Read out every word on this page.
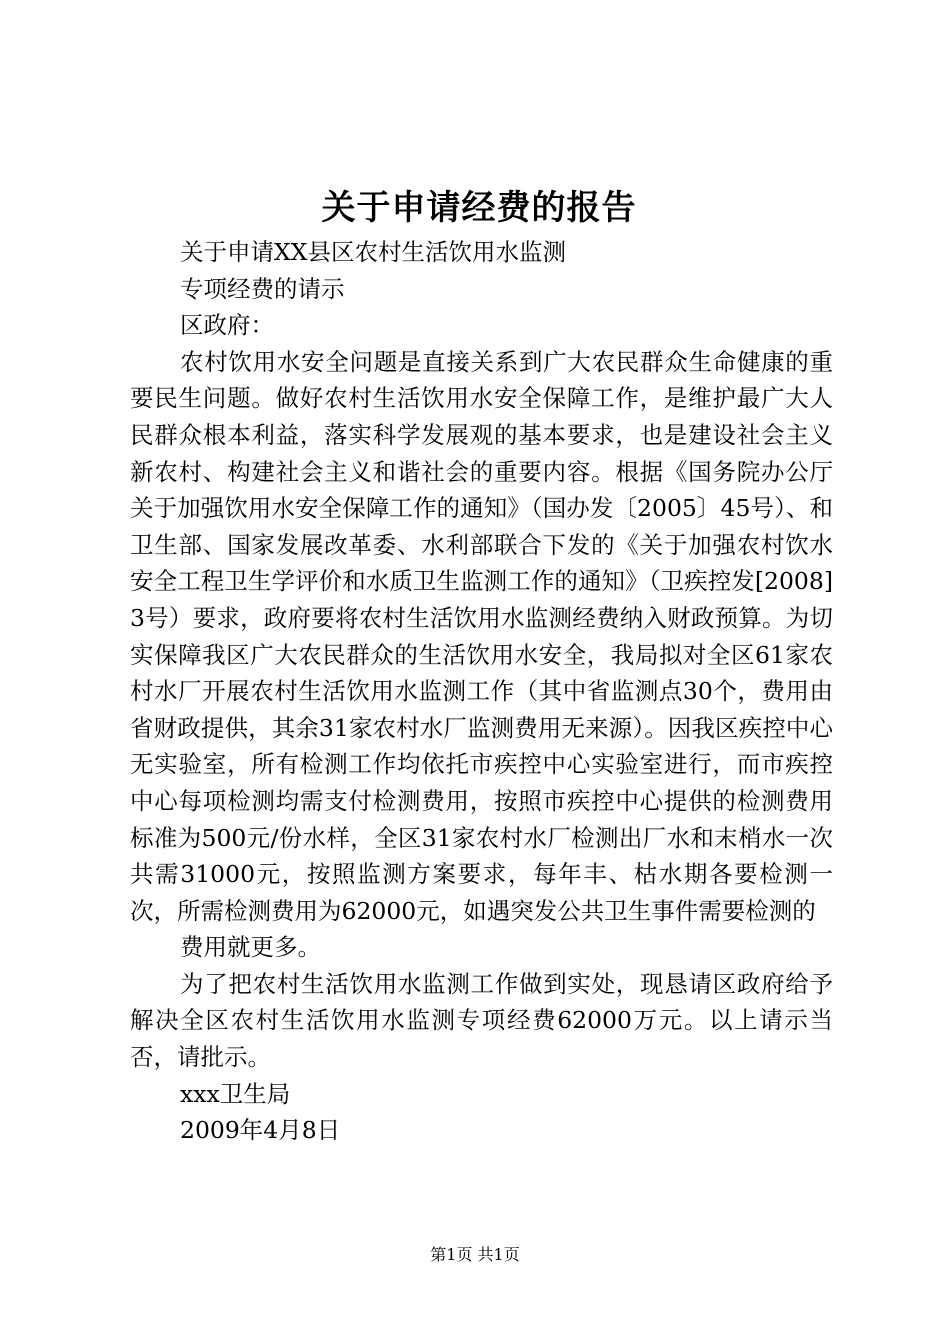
关于申请经费的报告

关于申请XX县区农村生活饮用水监测

专项经费的请示

区政府：

农村饮用水安全问题是直接关系到广大农民群众生命健康的重要民生问题。做好农村生活饮用水安全保障工作，是维护最广大人民群众根本利益，落实科学发展观的基本要求，也是建设社会主义新农村、构建社会主义和谐社会的重要内容。根据《国务院办公厅关于加强饮用水安全保障工作的通知》（国办发〔2005〕45号）、和卫生部、国家发展改革委、水利部联合下发的《关于加强农村饮水安全工程卫生学评价和水质卫生监测工作的通知》（卫疾控发[2008]3号）要求，政府要将农村生活饮用水监测经费纳入财政预算。为切实保障我区广大农民群众的生活饮用水安全，我局拟对全区61家农村水厂开展农村生活饮用水监测工作（其中省监测点30个，费用由省财政提供，其余31家农村水厂监测费用无来源）。因我区疾控中心无实验室，所有检测工作均依托市疾控中心实验室进行，而市疾控中心每项检测均需支付检测费用，按照市疾控中心提供的检测费用标准为500元/份水样，全区31家农村水厂检测出厂水和末梢水一次共需31000元，按照监测方案要求，每年丰、枯水期各要检测一次，所需检测费用为62000元，如遇突发公共卫生事件需要检测的

费用就更多。

为了把农村生活饮用水监测工作做到实处，现恳请区政府给予解决全区农村生活饮用水监测专项经费62000万元。以上请示当否，请批示。

xxx卫生局

2009年4月8日

第1页 共1页
